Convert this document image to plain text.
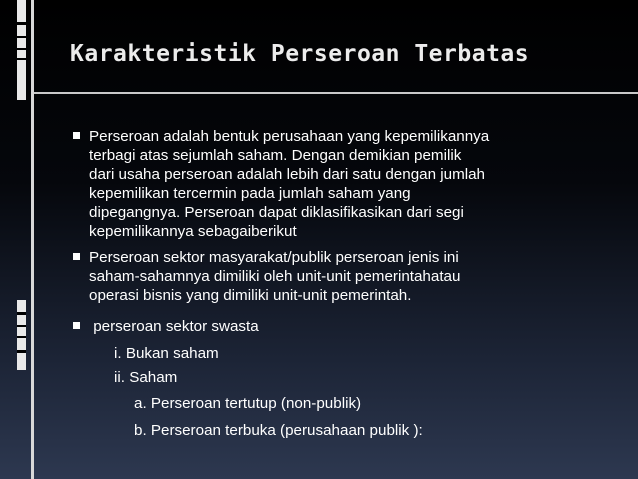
Karakteristik Perseroan Terbatas
Perseroan adalah bentuk perusahaan yang kepemilikannya
terbagi atas sejumlah saham. Dengan demikian pemilik
dari usaha perseroan adalah lebih dari satu dengan jumlah
kepemilikan tercermin pada jumlah saham yang
dipegangnya. Perseroan dapat diklasifikasikan dari segi
kepemilikannya sebagaiberikut
Perseroan sektor masyarakat/publik perseroan jenis ini
saham-sahamnya dimiliki oleh unit-unit pemerintahatau
operasi bisnis yang dimiliki unit-unit pemerintah.
perseroan sektor swasta
i. Bukan saham
ii. Saham
a. Perseroan tertutup (non-publik)
b. Perseroan terbuka (perusahaan publik ):
